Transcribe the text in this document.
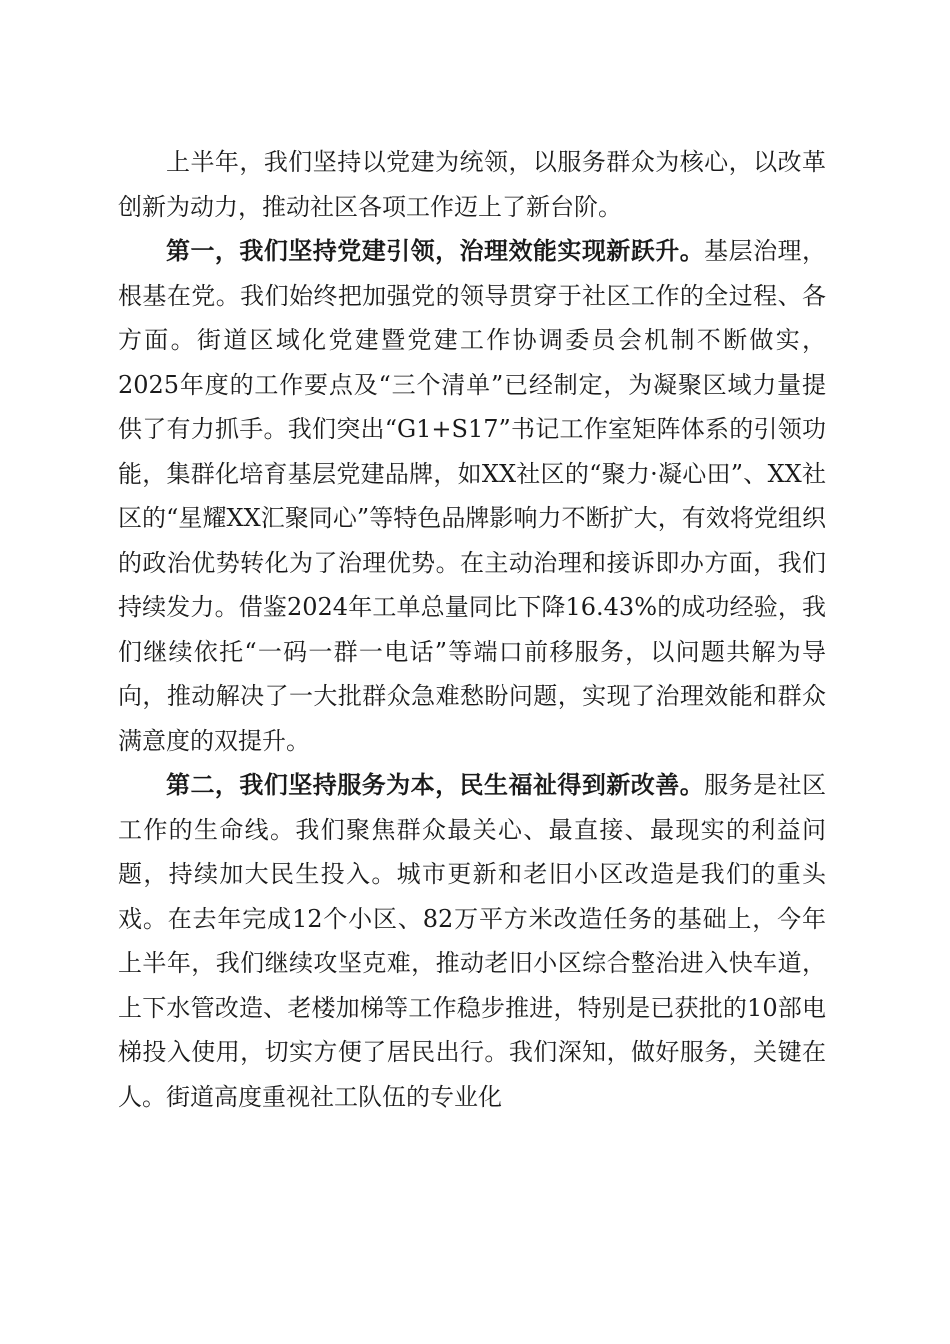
上半年，我们坚持以党建为统领，以服务群众为核心，以改革创新为动力，推动社区各项工作迈上了新台阶。

第一，我们坚持党建引领，治理效能实现新跃升。基层治理，根基在党。我们始终把加强党的领导贯穿于社区工作的全过程、各方面。街道区域化党建暨党建工作协调委员会机制不断做实，2025年度的工作要点及“三个清单”已经制定，为凝聚区域力量提供了有力抓手。我们突出“G1+S17”书记工作室矩阵体系的引领功能，集群化培育基层党建品牌，如XX社区的“聚力·凝心田”、XX社区的“星耀XX汇聚同心”等特色品牌影响力不断扩大，有效将党组织的政治优势转化为了治理优势。在主动治理和接诉即办方面，我们持续发力。借鉴2024年工单总量同比下降16.43%的成功经验，我们继续依托“一码一群一电话”等端口前移服务，以问题共解为导向，推动解决了一大批群众急难愁盼问题，实现了治理效能和群众满意度的双提升。

第二，我们坚持服务为本，民生福祉得到新改善。服务是社区工作的生命线。我们聚焦群众最关心、最直接、最现实的利益问题，持续加大民生投入。城市更新和老旧小区改造是我们的重头戏。在去年完成12个小区、82万平方米改造任务的基础上，今年上半年，我们继续攻坚克难，推动老旧小区综合整治进入快车道，上下水管改造、老楼加梯等工作稳步推进，特别是已获批的10部电梯投入使用，切实方便了居民出行。我们深知，做好服务，关键在人。街道高度重视社工队伍的专业化
